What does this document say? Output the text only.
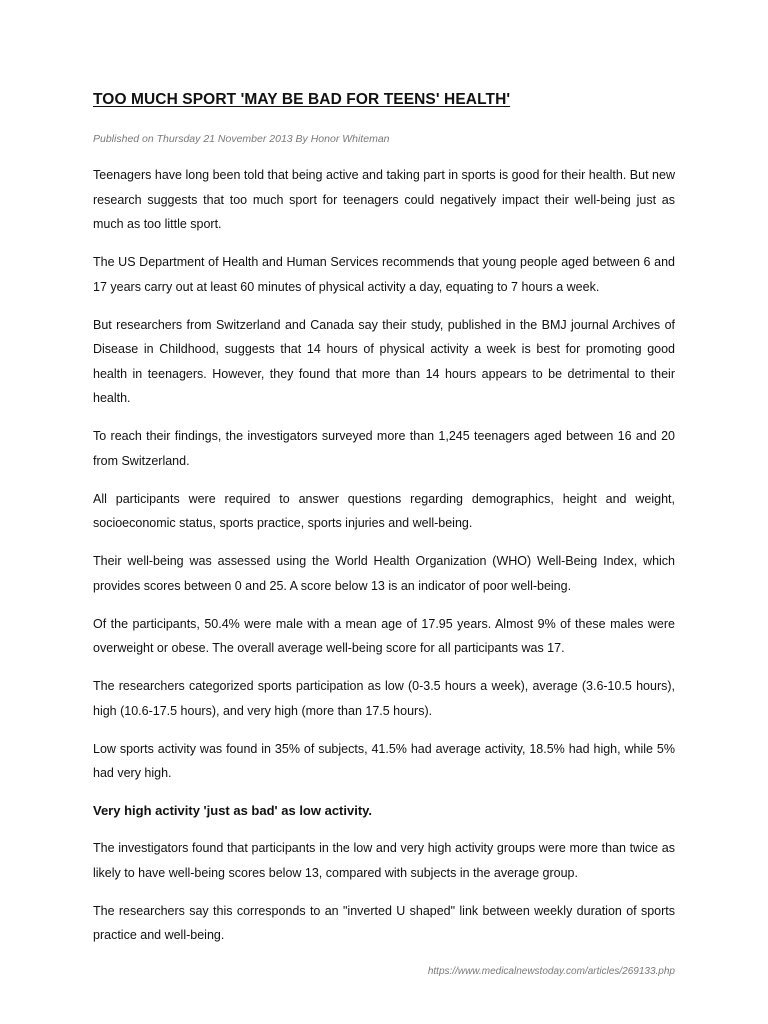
TOO MUCH SPORT 'MAY BE BAD FOR TEENS' HEALTH'
Published on Thursday 21 November 2013 By Honor Whiteman

Teenagers have long been told that being active and taking part in sports is good for their health. But new research suggests that too much sport for teenagers could negatively impact their well-being just as much as too little sport.

The US Department of Health and Human Services recommends that young people aged between 6 and 17 years carry out at least 60 minutes of physical activity a day, equating to 7 hours a week.

But researchers from Switzerland and Canada say their study, published in the BMJ journal Archives of Disease in Childhood, suggests that 14 hours of physical activity a week is best for promoting good health in teenagers. However, they found that more than 14 hours appears to be detrimental to their health.

To reach their findings, the investigators surveyed more than 1,245 teenagers aged between 16 and 20 from Switzerland.

All participants were required to answer questions regarding demographics, height and weight, socioeconomic status, sports practice, sports injuries and well-being.

Their well-being was assessed using the World Health Organization (WHO) Well-Being Index, which provides scores between 0 and 25. A score below 13 is an indicator of poor well-being.

Of the participants, 50.4% were male with a mean age of 17.95 years. Almost 9% of these males were overweight or obese. The overall average well-being score for all participants was 17.

The researchers categorized sports participation as low (0-3.5 hours a week), average (3.6-10.5 hours), high (10.6-17.5 hours), and very high (more than 17.5 hours).

Low sports activity was found in 35% of subjects, 41.5% had average activity, 18.5% had high, while 5% had very high.

Very high activity 'just as bad' as low activity.

The investigators found that participants in the low and very high activity groups were more than twice as likely to have well-being scores below 13, compared with subjects in the average group.

The researchers say this corresponds to an "inverted U shaped" link between weekly duration of sports practice and well-being.

https://www.medicalnewstoday.com/articles/269133.php
